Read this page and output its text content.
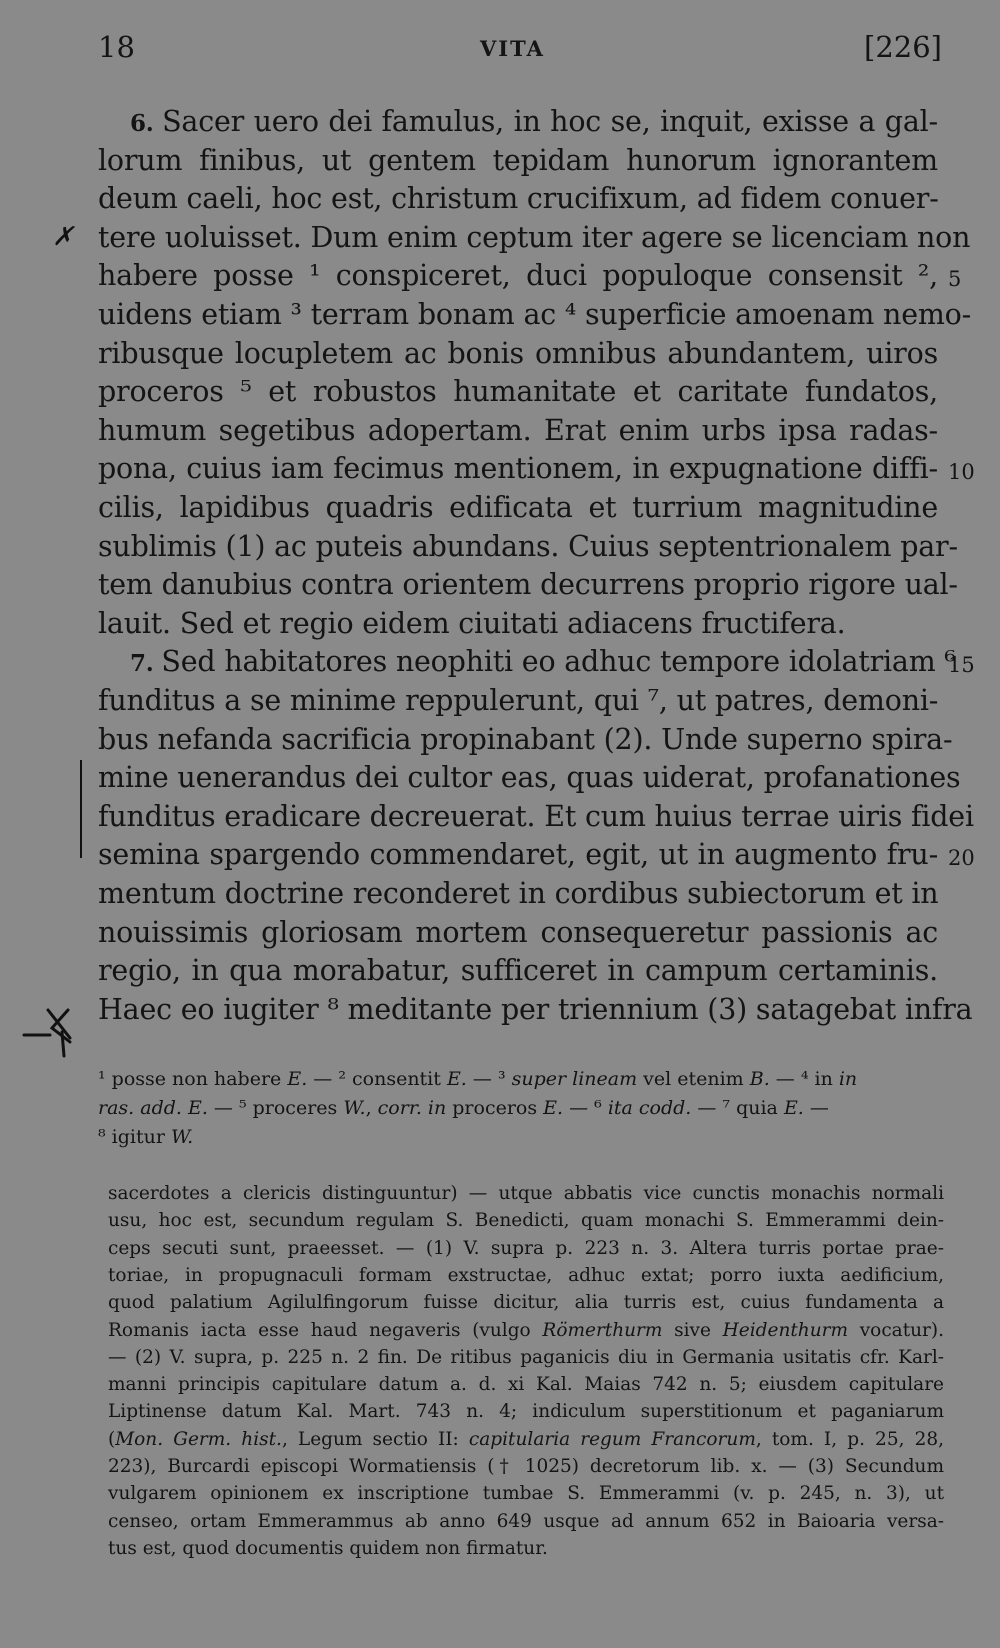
18	VITA	[226]
✗
6. Sacer uero dei famulus, in hoc se, inquit, exisse a gal-
lorum finibus, ut gentem tepidam hunorum ignorantem
deum caeli, hoc est, christum crucifixum, ad fidem conuer-
tere uoluisset. Dum enim ceptum iter agere se licenciam non
habere posse ¹ conspiceret, duci populoque consensit ², 5
uidens etiam ³ terram bonam ac ⁴ superficie amoenam nemo-
ribusque locupletem ac bonis omnibus abundantem, uiros
proceros ⁵ et robustos humanitate et caritate fundatos,
humum segetibus adopertam. Erat enim urbs ipsa radas-
pona, cuius iam fecimus mentionem, in expugnatione diffi- 10
cilis, lapidibus quadris edificata et turrium magnitudine
sublimis (1) ac puteis abundans. Cuius septentrionalem par-
tem danubius contra orientem decurrens proprio rigore ual-
lauit. Sed et regio eidem ciuitati adiacens fructifera.
7. Sed habitatores neophiti eo adhuc tempore idolatriam ⁶
15
funditus a se minime reppulerunt, qui ⁷, ut patres, demoni-
bus nefanda sacrificia propinabant (2). Unde superno spira-
mine uenerandus dei cultor eas, quas uiderat, profanationes
funditus eradicare decreuerat. Et cum huius terrae uiris fidei
semina spargendo commendaret, egit, ut in augmento fru- 20
mentum doctrine reconderet in cordibus subiectorum et in
nouissimis gloriosam mortem consequeretur passionis ac
regio, in qua morabatur, sufficeret in campum certaminis.
Haec eo iugiter ⁸ meditante per triennium (3) satagebat infra
¹ posse non habere E. — ² consentit E. — ³ super lineam vel etenim B. — ⁴ in in
ras. add. E. — ⁵ proceres W., corr. in proceros E. — ⁶ ita codd. — ⁷ quia E. —
⁸ igitur W.
sacerdotes a clericis distinguuntur) — utque abbatis vice cunctis monachis normali
usu, hoc est, secundum regulam S. Benedicti, quam monachi S. Emmerammi dein-
ceps secuti sunt, praeesset. — (1) V. supra p. 223 n. 3. Altera turris portae prae-
toriae, in propugnaculi formam exstructae, adhuc extat; porro iuxta aedificium,
quod palatium Agilulfingorum fuisse dicitur, alia turris est, cuius fundamenta a
Romanis iacta esse haud negaveris (vulgo Römerthurm sive Heidenthurm vocatur).
— (2) V. supra, p. 225 n. 2 fin. De ritibus paganicis diu in Germania usitatis cfr. Karl-
manni principis capitulare datum a. d. xi Kal. Maias 742 n. 5; eiusdem capitulare
Liptinense datum Kal. Mart. 743 n. 4; indiculum superstitionum et paganiarum
(Mon. Germ. hist., Legum sectio II: capitularia regum Francorum, tom. I, p. 25, 28,
223), Burcardi episcopi Wormatiensis († 1025) decretorum lib. x. — (3) Secundum
vulgarem opinionem ex inscriptione tumbae S. Emmerammi (v. p. 245, n. 3), ut
censeo, ortam Emmerammus ab anno 649 usque ad annum 652 in Baioaria versa-
tus est, quod documentis quidem non firmatur.
